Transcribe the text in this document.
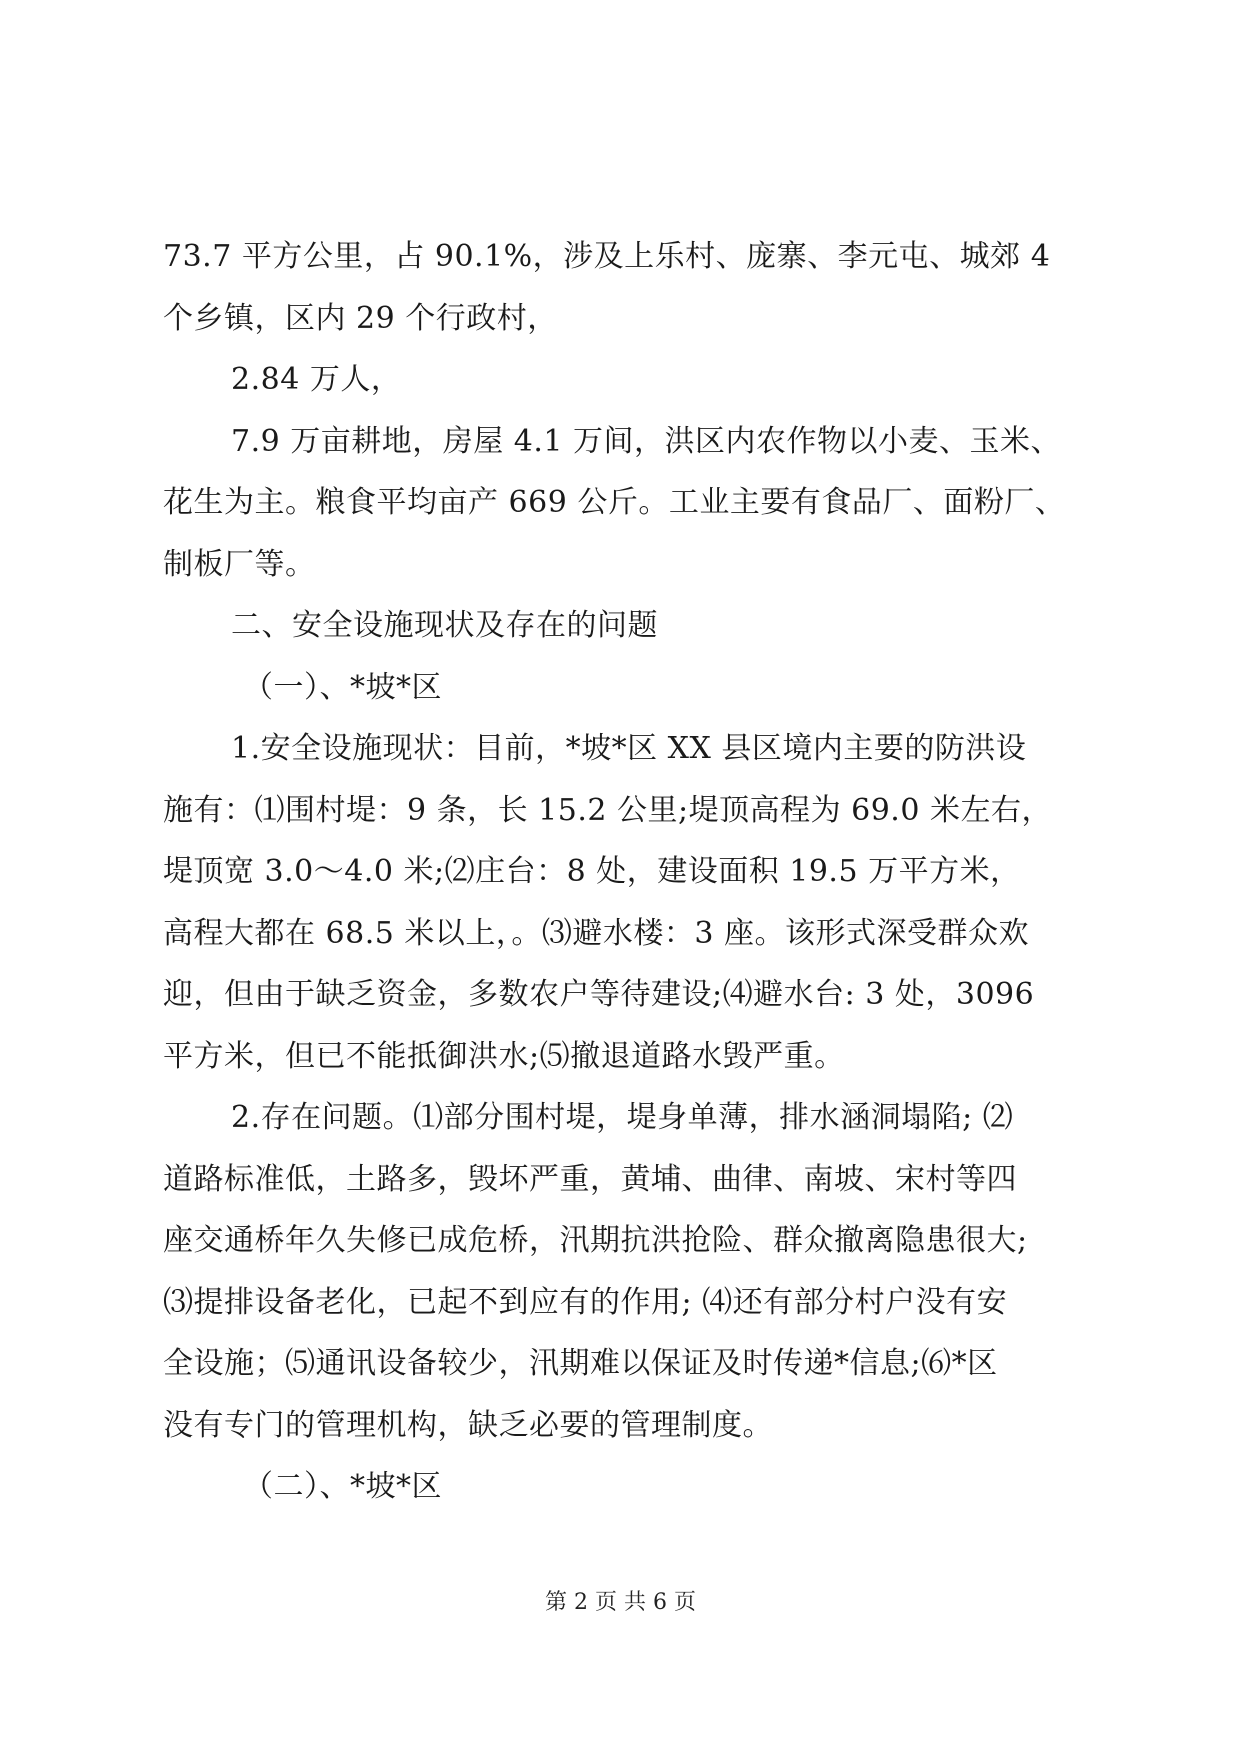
73.7 平方公里，占 90.1%，涉及上乐村、庞寨、李元屯、城郊 4
个乡镇，区内 29 个行政村，
2.84 万人，
7.9 万亩耕地，房屋 4.1 万间，洪区内农作物以小麦、玉米、
花生为主。粮食平均亩产 669 公斤。工业主要有食品厂、面粉厂、
制板厂等。
二、安全设施现状及存在的问题
（一）、*坡*区
1.安全设施现状：目前，*坡*区 XX 县区境内主要的防洪设
施有：⑴围村堤：9 条，长 15.2 公里;堤顶高程为 69.0 米左右，
堤顶宽 3.0～4.0 米;⑵庄台：8 处，建设面积 19.5 万平方米，
高程大都在 68.5 米以上，。⑶避水楼：3 座。该形式深受群众欢
迎，但由于缺乏资金，多数农户等待建设;⑷避水台: 3 处，3096
平方米，但已不能抵御洪水;⑸撤退道路水毁严重。
2.存在问题。⑴部分围村堤，堤身单薄，排水涵洞塌陷; ⑵
道路标准低，土路多，毁坏严重，黄埔、曲律、南坡、宋村等四
座交通桥年久失修已成危桥，汛期抗洪抢险、群众撤离隐患很大;
⑶提排设备老化，已起不到应有的作用; ⑷还有部分村户没有安
全设施；⑸通讯设备较少，汛期难以保证及时传递*信息;⑹*区
没有专门的管理机构，缺乏必要的管理制度。
（二）、*坡*区
第 2 页 共 6 页
